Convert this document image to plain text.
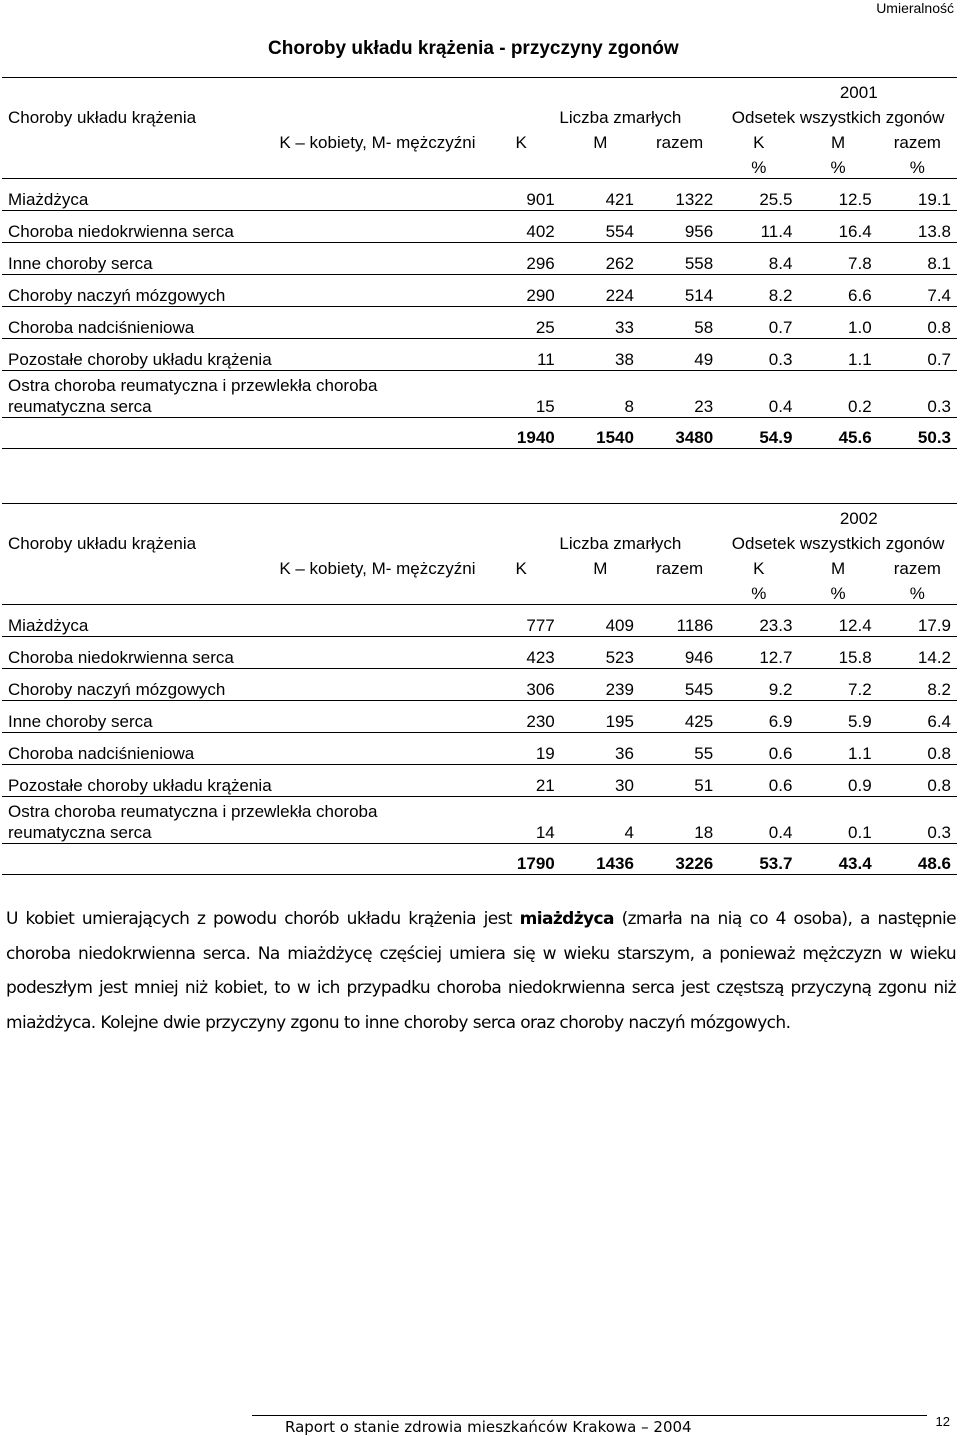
Umieralność
Choroby układu krążenia - przyczyny zgonów
				2001		
Choroby układu krążenia	Liczba zmarłych			Odsetek wszystkich zgonów		
K – kobiety, M- mężczyźni	K	M	razem	K	M	razem
				%	%	%
Miażdżyca	901	421	1322	25.5	12.5	19.1
Choroba niedokrwienna serca	402	554	956	11.4	16.4	13.8
Inne choroby serca	296	262	558	8.4	7.8	8.1
Choroby naczyń mózgowych	290	224	514	8.2	6.6	7.4
Choroba nadciśnieniowa	25	33	58	0.7	1.0	0.8
Pozostałe choroby układu krążenia	11	38	49	0.3	1.1	0.7

Ostra choroba reumatyczna i przewlekła choroba
reumatyczna serca	15	8	23	0.4	0.2	0.3
	1940	1540	3480	54.9	45.6	50.3
				2002		
Choroby układu krążenia	Liczba zmarłych			Odsetek wszystkich zgonów		
K – kobiety, M- mężczyźni	K	M	razem	K	M	razem
				%	%	%
Miażdżyca	777	409	1186	23.3	12.4	17.9
Choroba niedokrwienna serca	423	523	946	12.7	15.8	14.2
Choroby naczyń mózgowych	306	239	545	9.2	7.2	8.2
Inne choroby serca	230	195	425	6.9	5.9	6.4
Choroba nadciśnieniowa	19	36	55	0.6	1.1	0.8
Pozostałe choroby układu krążenia	21	30	51	0.6	0.9	0.8

Ostra choroba reumatyczna i przewlekła choroba
reumatyczna serca	14	4	18	0.4	0.1	0.3
	1790	1436	3226	53.7	43.4	48.6
U kobiet umierających z powodu chorób układu krążenia jest miażdżyca (zmarła na nią co 4 osoba), a następnie choroba niedokrwienna serca. Na miażdżycę częściej umiera się w wieku starszym, a ponieważ mężczyzn w wieku podeszłym jest mniej niż kobiet, to w ich przypadku choroba niedokrwienna serca jest częstszą przyczyną zgonu niż miażdżyca. Kolejne dwie przyczyny zgonu to inne choroby serca oraz choroby naczyń mózgowych.
Raport o stanie zdrowia mieszkańców Krakowa – 2004	12
